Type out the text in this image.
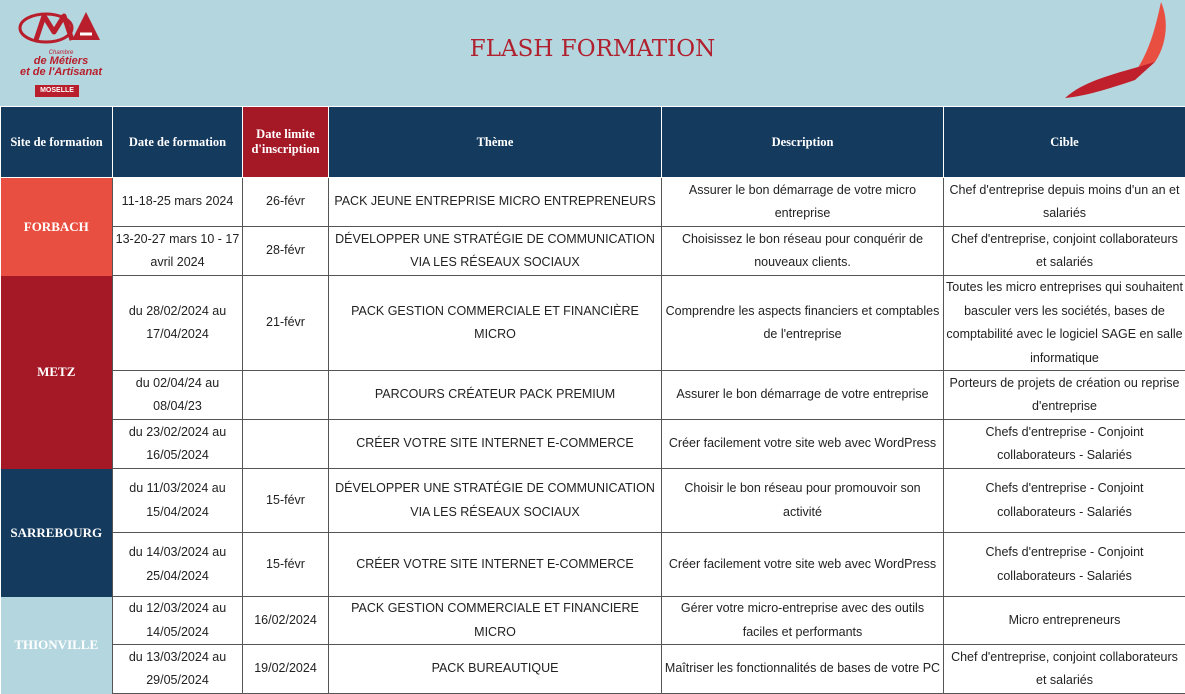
Chambre
de Métiers
et de l'Artisanat
MOSELLE
FLASH FORMATION
Site de formation	Date de formation	Date limite d'inscription	Thème	Description	Cible
FORBACH	11-18-25 mars 2024	26-févr	PACK JEUNE ENTREPRISE MICRO ENTREPRENEURS	Assurer le bon démarrage de votre micro entreprise	Chef d'entreprise depuis moins d'un an et salariés
	13-20-27 mars 10 - 17 avril 2024	28-févr	DÉVELOPPER UNE STRATÉGIE DE COMMUNICATION VIA LES RÉSEAUX SOCIAUX	Choisissez le bon réseau pour conquérir de nouveaux clients.	Chef d'entreprise, conjoint collaborateurs et salariés
METZ	du 28/02/2024 au 17/04/2024	21-févr	PACK GESTION COMMERCIALE ET FINANCIÈRE MICRO	Comprendre les aspects financiers et comptables de l'entreprise	Toutes les micro entreprises qui souhaitent basculer vers les sociétés, bases de comptabilité avec le logiciel SAGE en salle informatique
	du 02/04/24 au 08/04/23		PARCOURS CRÉATEUR PACK PREMIUM	Assurer le bon démarrage de votre entreprise	Porteurs de projets de création ou reprise d'entreprise
	du 23/02/2024 au 16/05/2024		CRÉER VOTRE SITE INTERNET E-COMMERCE	Créer facilement votre site web avec WordPress	Chefs d'entreprise - Conjoint collaborateurs - Salariés
SARREBOURG	du 11/03/2024 au 15/04/2024	15-févr	DÉVELOPPER UNE STRATÉGIE DE COMMUNICATION VIA LES RÉSEAUX SOCIAUX	Choisir le bon réseau pour promouvoir son activité	Chefs d'entreprise - Conjoint collaborateurs - Salariés
	du 14/03/2024 au 25/04/2024	15-févr	CRÉER VOTRE SITE INTERNET E-COMMERCE	Créer facilement votre site web avec WordPress	Chefs d'entreprise - Conjoint collaborateurs - Salariés
THIONVILLE	du 12/03/2024 au 14/05/2024	16/02/2024	PACK GESTION COMMERCIALE ET FINANCIERE MICRO	Gérer votre micro-entreprise avec des outils faciles et performants	Micro entrepreneurs
	du 13/03/2024 au 29/05/2024	19/02/2024	PACK BUREAUTIQUE	Maîtriser les fonctionnalités de bases de votre PC	Chef d'entreprise, conjoint collaborateurs et salariés
